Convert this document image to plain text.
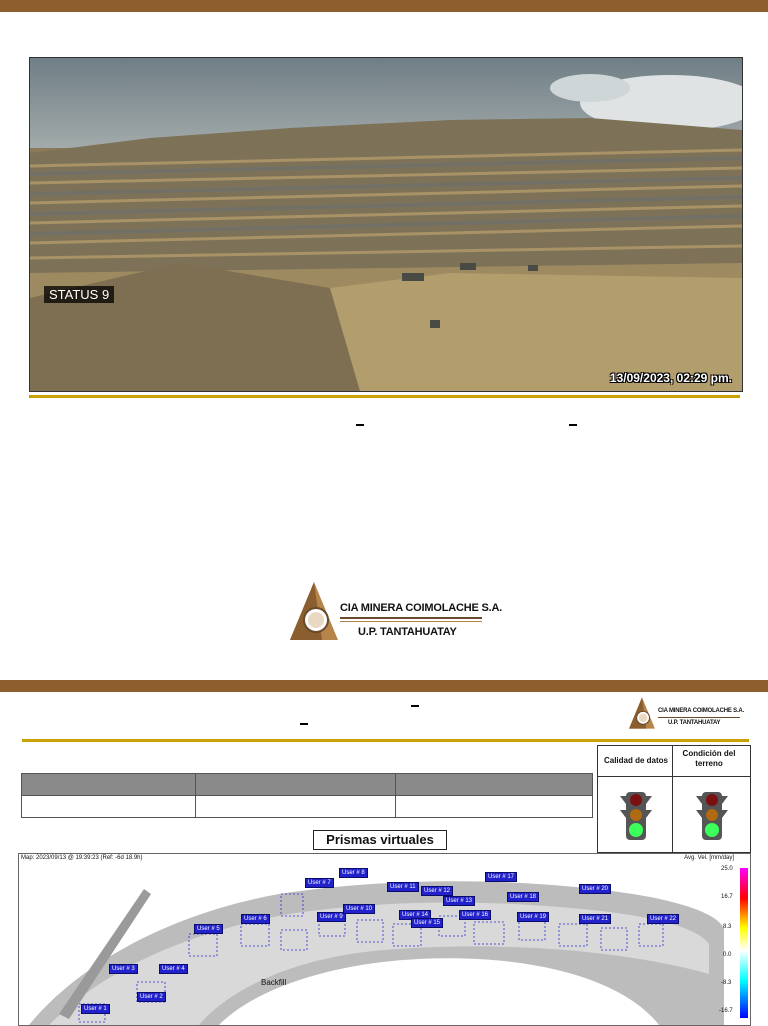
STATUS 9
13/09/2023, 02:29 pm.
CIA MINERA COIMOLACHE S.A.
U.P. TANTAHUATAY
CIA MINERA COIMOLACHE S.A.
U.P. TANTAHUATAY

Calidad de datos
Condición del terreno
Prismas virtuales
Map: 2023/09/13 @ 19:39:23 (Ref: -6d 18.9h)	Avg. Vel. [mm/day]
25.0
16.7
8.3
0.0
-8.3
-16.7
Backfill
User # 1
User # 2
User # 3	User # 4
User # 5
User # 6
User # 7
User # 8
User # 9
User # 10
User # 11
User # 12
User # 13
User # 14
User # 15
User # 16
User # 17
User # 18
User # 19
User # 20
User # 21	User # 22
